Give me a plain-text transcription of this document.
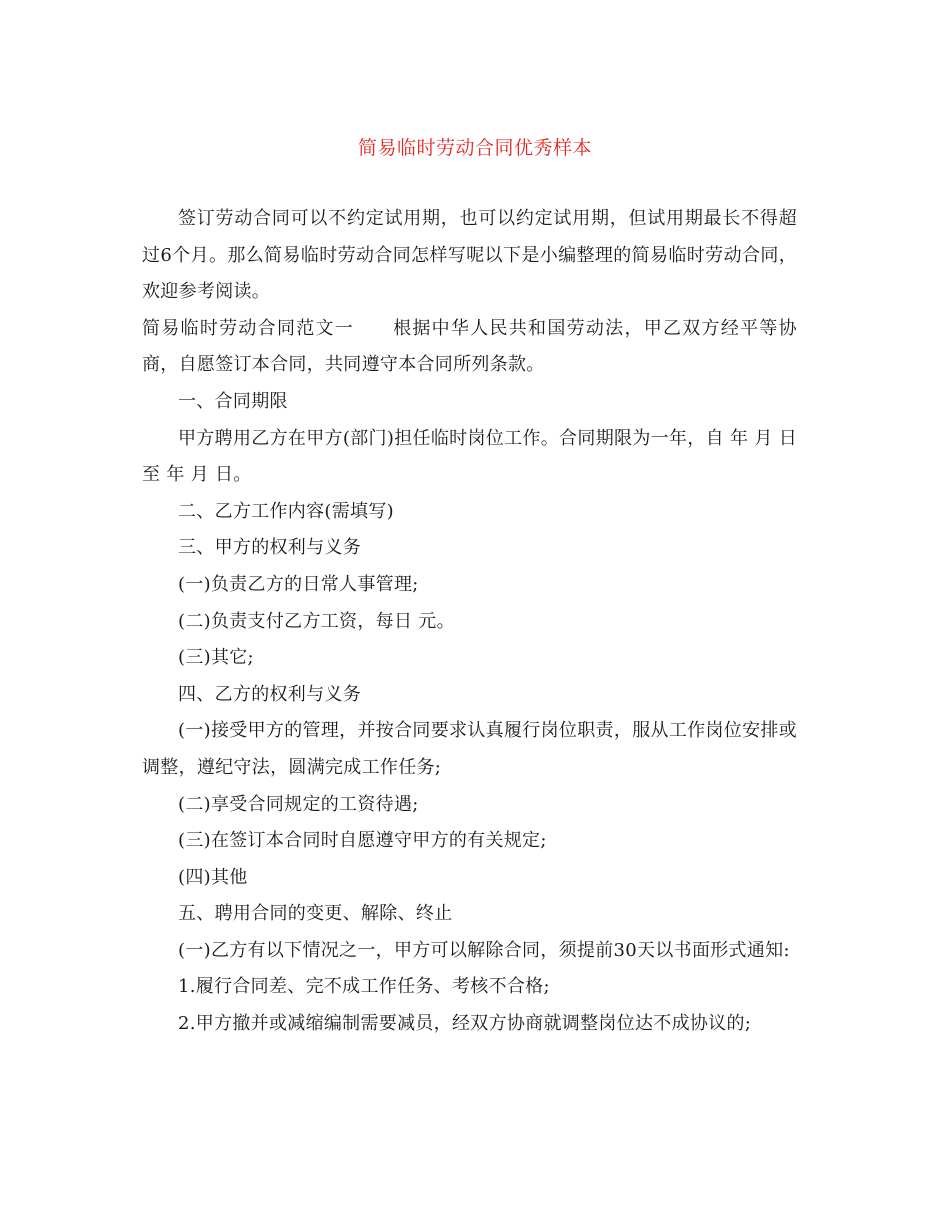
简易临时劳动合同优秀样本

签订劳动合同可以不约定试用期，也可以约定试用期，但试用期最长不得超过6个月。那么简易临时劳动合同怎样写呢以下是小编整理的简易临时劳动合同，欢迎参考阅读。

简易临时劳动合同范文一 根据中华人民共和国劳动法，甲乙双方经平等协商，自愿签订本合同，共同遵守本合同所列条款。

一、合同期限

甲方聘用乙方在甲方(部门)担任临时岗位工作。合同期限为一年，自 年 月 日至 年 月 日。

二、乙方工作内容(需填写)

三、甲方的权利与义务

(一)负责乙方的日常人事管理;

(二)负责支付乙方工资，每日 元。

(三)其它;

四、乙方的权利与义务

(一)接受甲方的管理，并按合同要求认真履行岗位职责，服从工作岗位安排或调整，遵纪守法，圆满完成工作任务;

(二)享受合同规定的工资待遇;

(三)在签订本合同时自愿遵守甲方的有关规定;

(四)其他

五、聘用合同的变更、解除、终止

(一)乙方有以下情况之一，甲方可以解除合同，须提前30天以书面形式通知:

1.履行合同差、完不成工作任务、考核不合格;

2.甲方撤并或减缩编制需要减员，经双方协商就调整岗位达不成协议的;
